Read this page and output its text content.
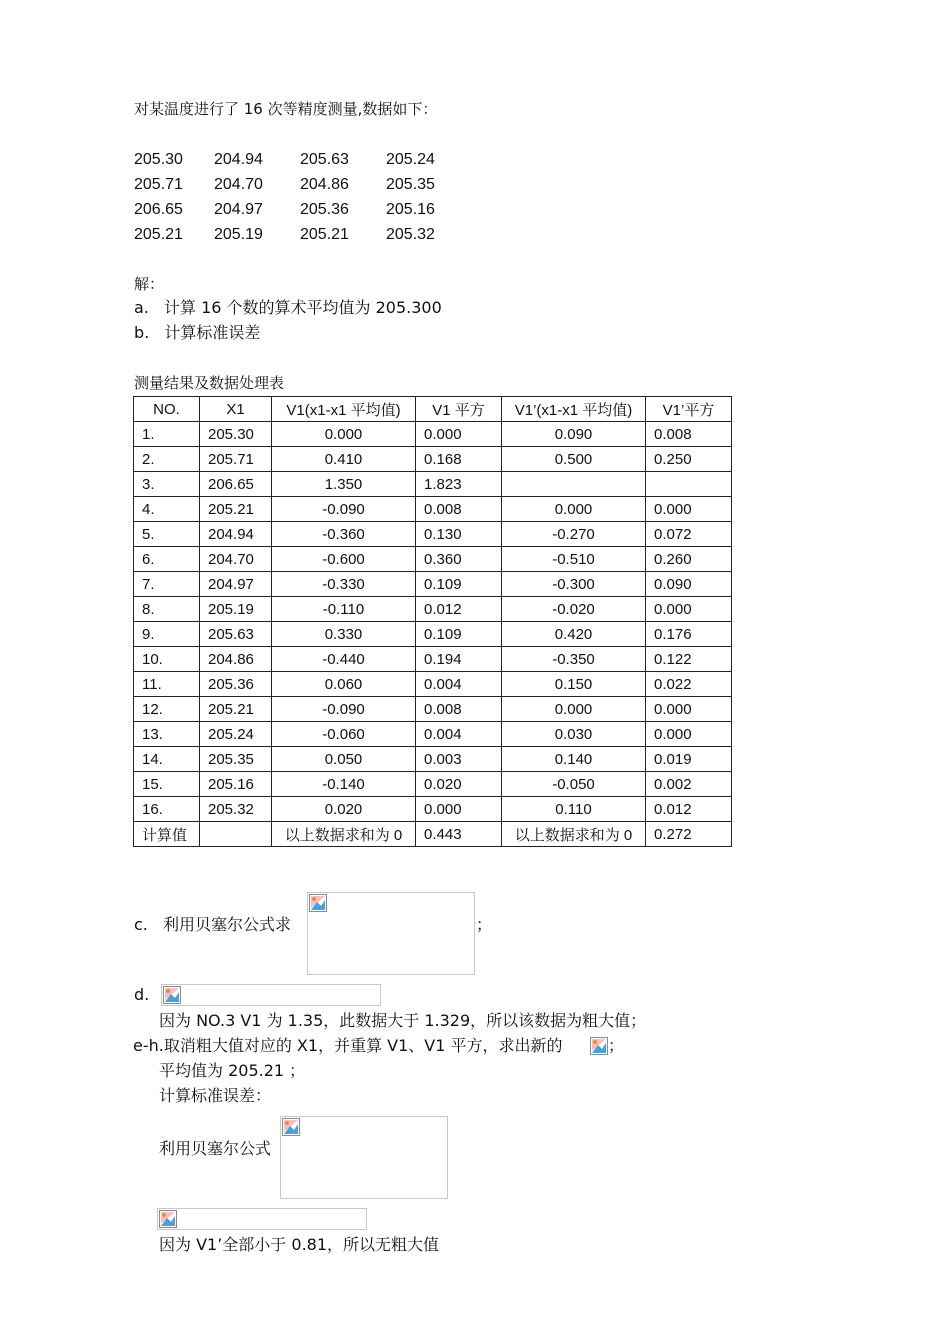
对某温度进行了 16 次等精度测量,数据如下：
205.30 204.94 205.63 205.24
205.71 204.70 204.86 205.35
206.65 204.97 205.36 205.16
205.21 205.19 205.21 205.32
解：
a. 计算 16 个数的算术平均值为 205.300
b. 计算标准误差
测量结果及数据处理表
NO.	X1	V1(x1-x1 平均值)	V1 平方	V1’(x1-x1 平均值)	V1’平方
1.	205.30	0.000	0.000	0.090	0.008
2.	205.71	0.410	0.168	0.500	0.250
3.	206.65	1.350	1.823		
4.	205.21	-0.090	0.008	0.000	0.000
5.	204.94	-0.360	0.130	-0.270	0.072
6.	204.70	-0.600	0.360	-0.510	0.260
7.	204.97	-0.330	0.109	-0.300	0.090
8.	205.19	-0.110	0.012	-0.020	0.000
9.	205.63	0.330	0.109	0.420	0.176
10.	204.86	-0.440	0.194	-0.350	0.122
11.	205.36	0.060	0.004	0.150	0.022
12.	205.21	-0.090	0.008	0.000	0.000
13.	205.24	-0.060	0.004	0.030	0.000
14.	205.35	0.050	0.003	0.140	0.019
15.	205.16	-0.140	0.020	-0.050	0.002
16.	205.32	0.020	0.000	0.110	0.012
计算值		以上数据求和为 0	0.443	以上数据求和为 0	0.272
c. 利用贝塞尔公式求	；
d.
因为 NO.3 V1 为 1.35，此数据大于 1.329，所以该数据为粗大值；
e-h.取消粗大值对应的 X1，并重算 V1、V1 平方，求出新的	；
平均值为 205.21 ；
计算标准误差：
利用贝塞尔公式
因为 V1’全部小于 0.81，所以无粗大值
